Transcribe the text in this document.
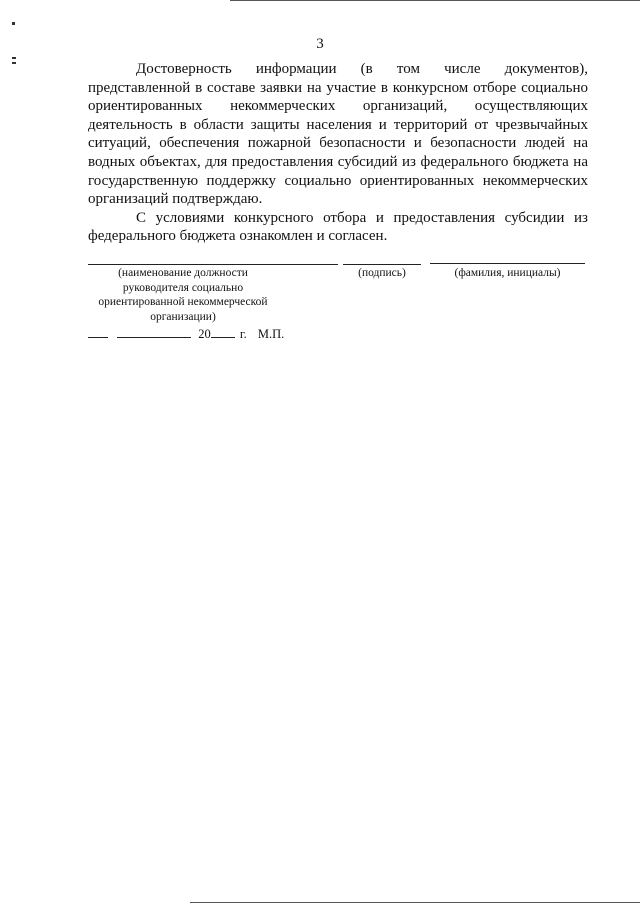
3

Достоверность информации (в том числе документов), представленной в составе заявки на участие в конкурсном отборе социально ориентированных некоммерческих организаций, осуществляющих деятельность в области защиты населения и территорий от чрезвычайных ситуаций, обеспечения пожарной безопасности и безопасности людей на водных объектах, для предоставления субсидий из федерального бюджета на государственную поддержку социально ориентированных некоммерческих организаций подтверждаю.

С условиями конкурсного отбора и предоставления субсидии из федерального бюджета ознакомлен и согласен.

(наименование должности руководителя социально ориентированной некоммерческой организации)
(подпись)	(фамилия, инициалы)
20 г. М.П.
